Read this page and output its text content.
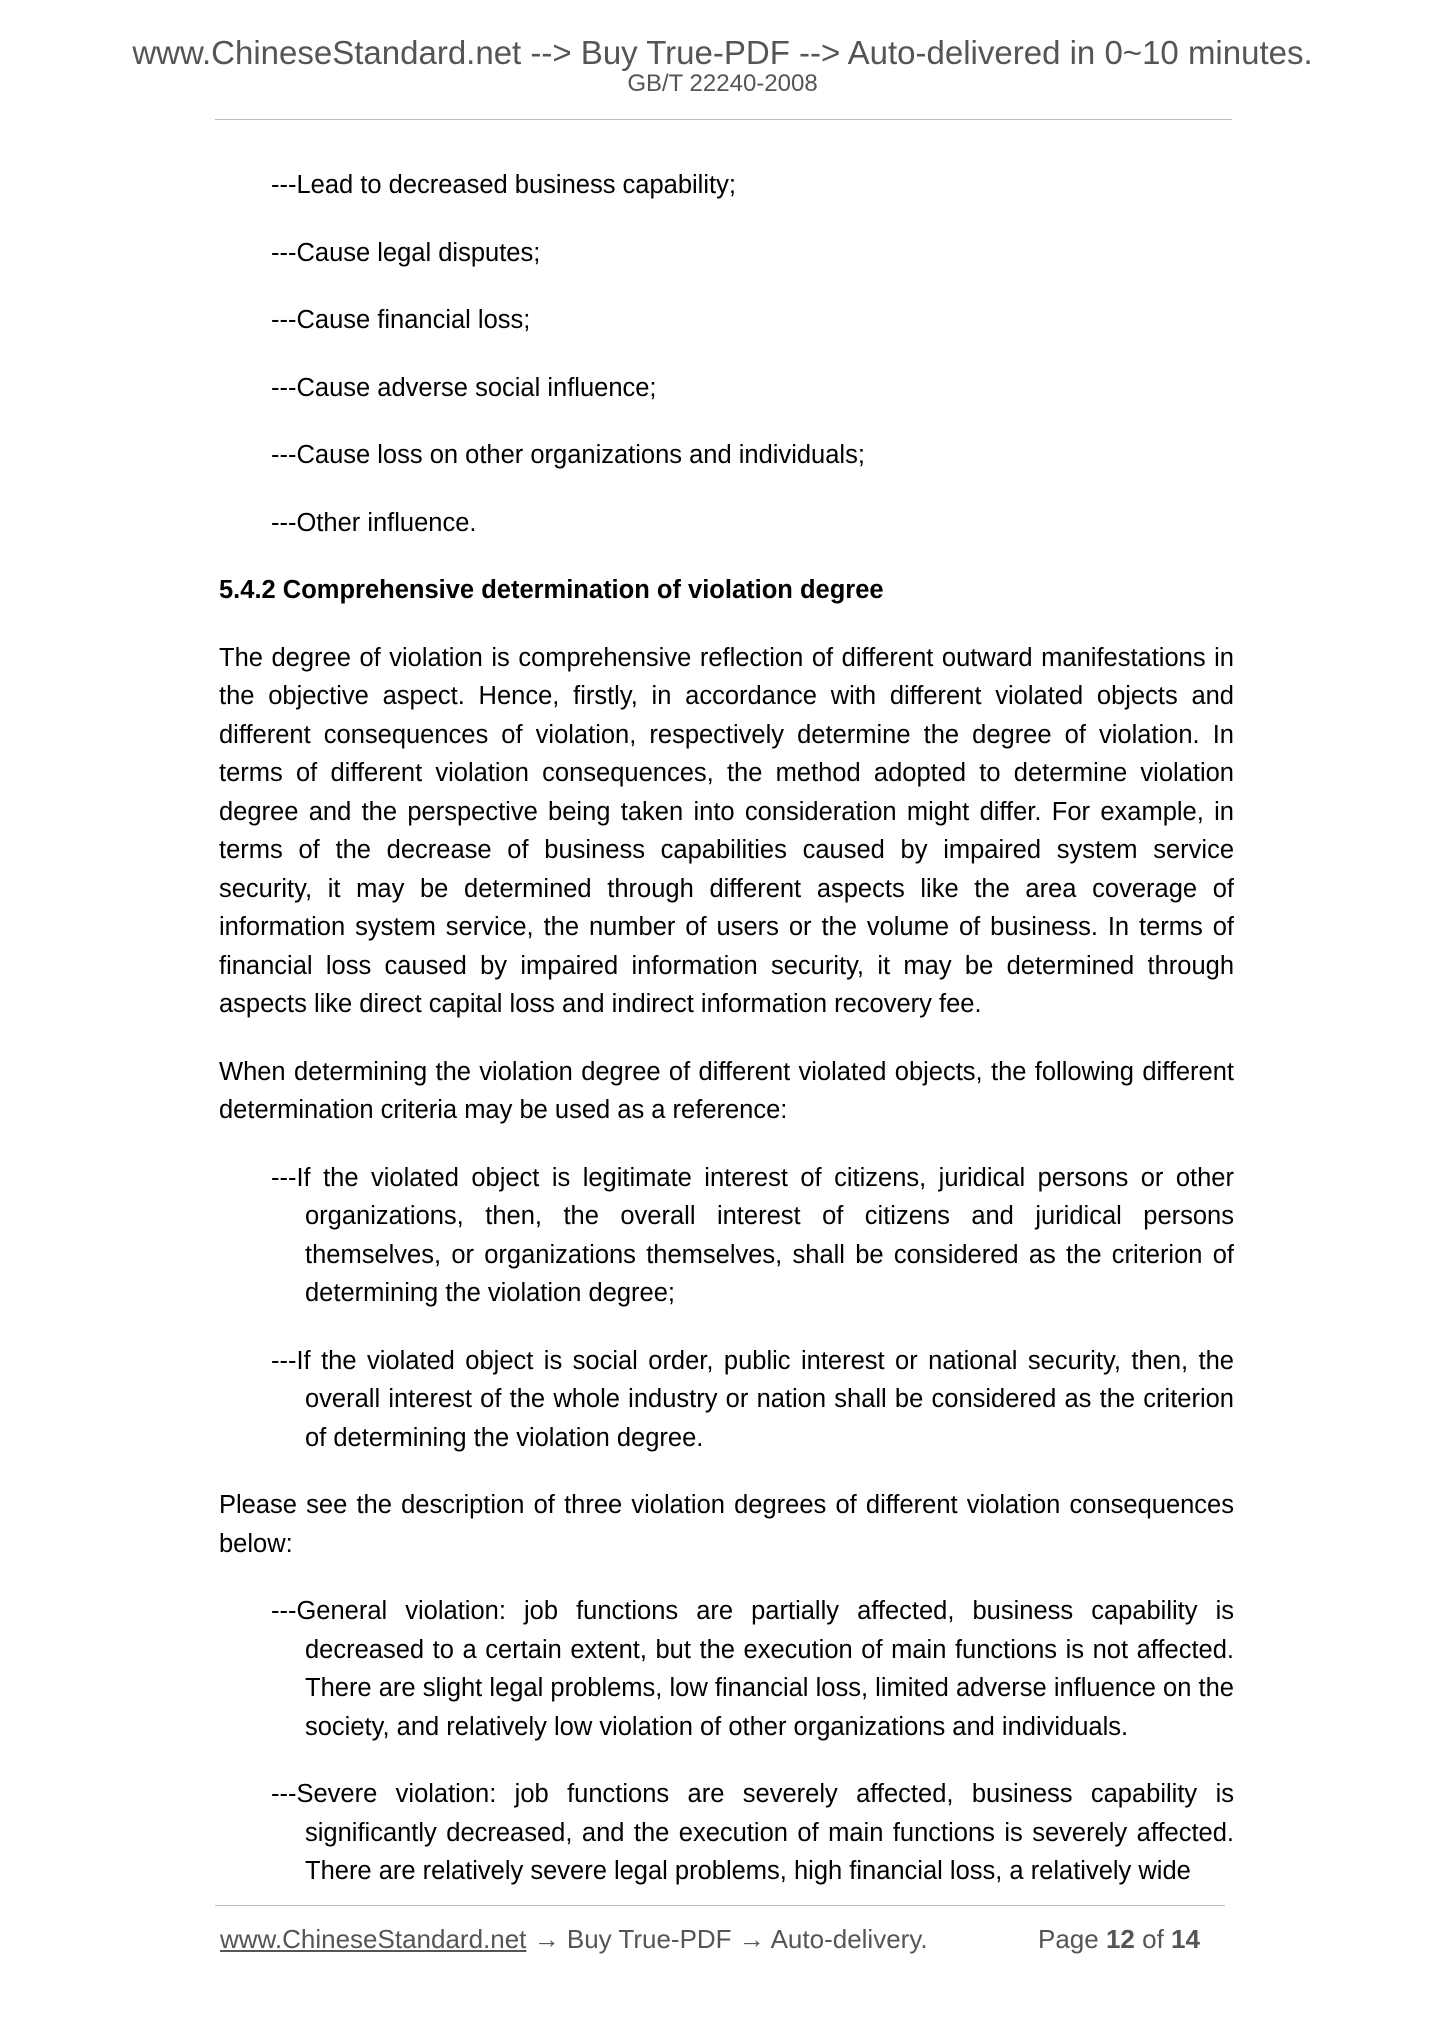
www.ChineseStandard.net --> Buy True-PDF --> Auto-delivered in 0~10 minutes.
GB/T 22240-2008
---Lead to decreased business capability;
---Cause legal disputes;
---Cause financial loss;
---Cause adverse social influence;
---Cause loss on other organizations and individuals;
---Other influence.
5.4.2 Comprehensive determination of violation degree
The degree of violation is comprehensive reflection of different outward manifestations in the objective aspect. Hence, firstly, in accordance with different violated objects and different consequences of violation, respectively determine the degree of violation. In terms of different violation consequences, the method adopted to determine violation degree and the perspective being taken into consideration might differ. For example, in terms of the decrease of business capabilities caused by impaired system service security, it may be determined through different aspects like the area coverage of information system service, the number of users or the volume of business. In terms of financial loss caused by impaired information security, it may be determined through aspects like direct capital loss and indirect information recovery fee.
When determining the violation degree of different violated objects, the following different determination criteria may be used as a reference:
---If the violated object is legitimate interest of citizens, juridical persons or other organizations, then, the overall interest of citizens and juridical persons themselves, or organizations themselves, shall be considered as the criterion of determining the violation degree;
---If the violated object is social order, public interest or national security, then, the overall interest of the whole industry or nation shall be considered as the criterion of determining the violation degree.
Please see the description of three violation degrees of different violation consequences below:
---General violation: job functions are partially affected, business capability is decreased to a certain extent, but the execution of main functions is not affected. There are slight legal problems, low financial loss, limited adverse influence on the society, and relatively low violation of other organizations and individuals.
---Severe violation: job functions are severely affected, business capability is significantly decreased, and the execution of main functions is severely affected. There are relatively severe legal problems, high financial loss, a relatively wide
www.ChineseStandard.net → Buy True-PDF → Auto-delivery.	Page 12 of 14
